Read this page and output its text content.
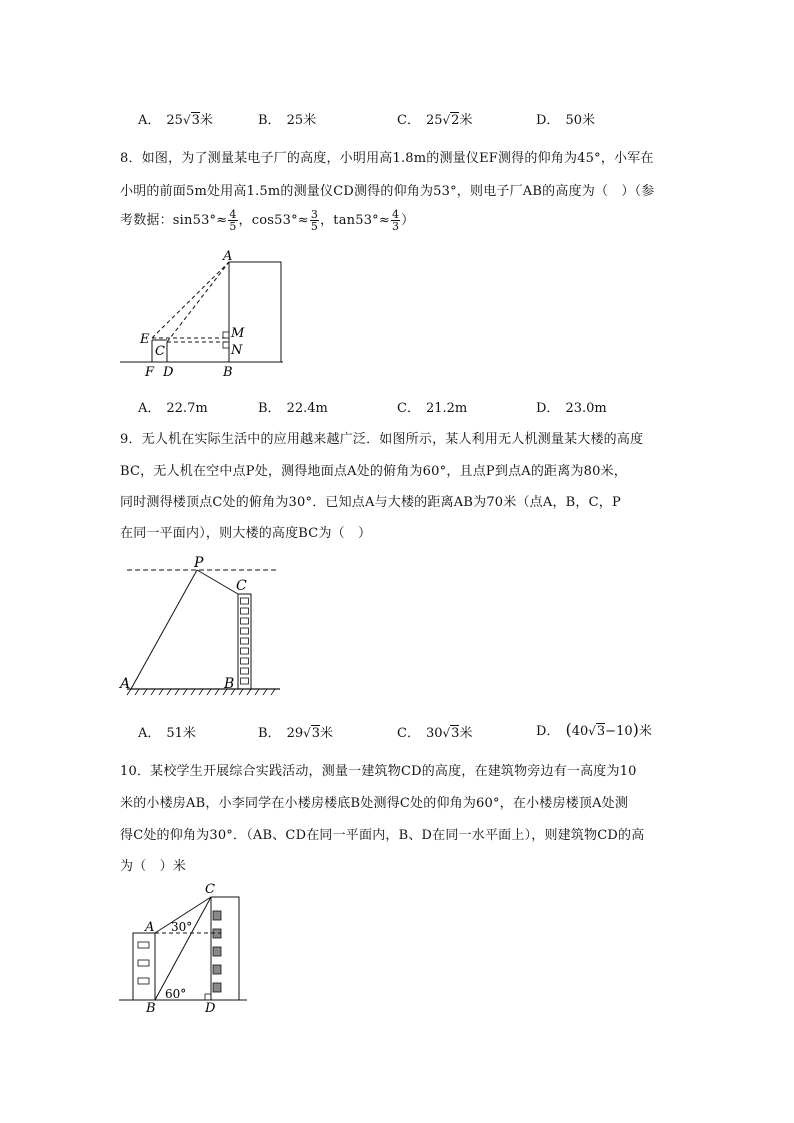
A． 25√3米	B． 25米	C． 25√2米	D． 50米
8．如图，为了测量某电子厂的高度，小明用高1.8m的测量仪EF测得的仰角为45°，小军在
小明的前面5m处用高1.5m的测量仪CD测得的仰角为53°，则电子厂AB的高度为（　）（参
考数据：$\sin 53^\circ\approx \frac{4}{5}$ ，$\cos 53^\circ\approx \frac{3}{5}$ ，$\tan 53^\circ\approx \frac{4}{3}$ ）
A
E
C
M
N
F D	B
A． 22.7m	B． 22.4m	C． 21.2m	D． 23.0m
9．无人机在实际生活中的应用越来越广泛．如图所示，某人利用无人机测量某大楼的高度
BC，无人机在空中点P处，测得地面点A处的俯角为60°，且点P到点A的距离为80米，
同时测得楼顶点C处的俯角为30°．已知点A与大楼的距离AB为70米（点A，B，C，P
在同一平面内），则大楼的高度BC为（　）
P
C
A	B
A． 51米	B． 29√3米	C． 30√3米	D． (40√3−10)米
10．某校学生开展综合实践活动，测量一建筑物CD的高度，在建筑物旁边有一高度为10
米的小楼房AB，小李同学在小楼房楼底B处测得C处的仰角为60°，在小楼房楼顶A处测
得C处的仰角为30°．（AB、CD在同一平面内，B、D在同一水平面上），则建筑物CD的高
为（　）米
C
A 30°
60°
B	D
